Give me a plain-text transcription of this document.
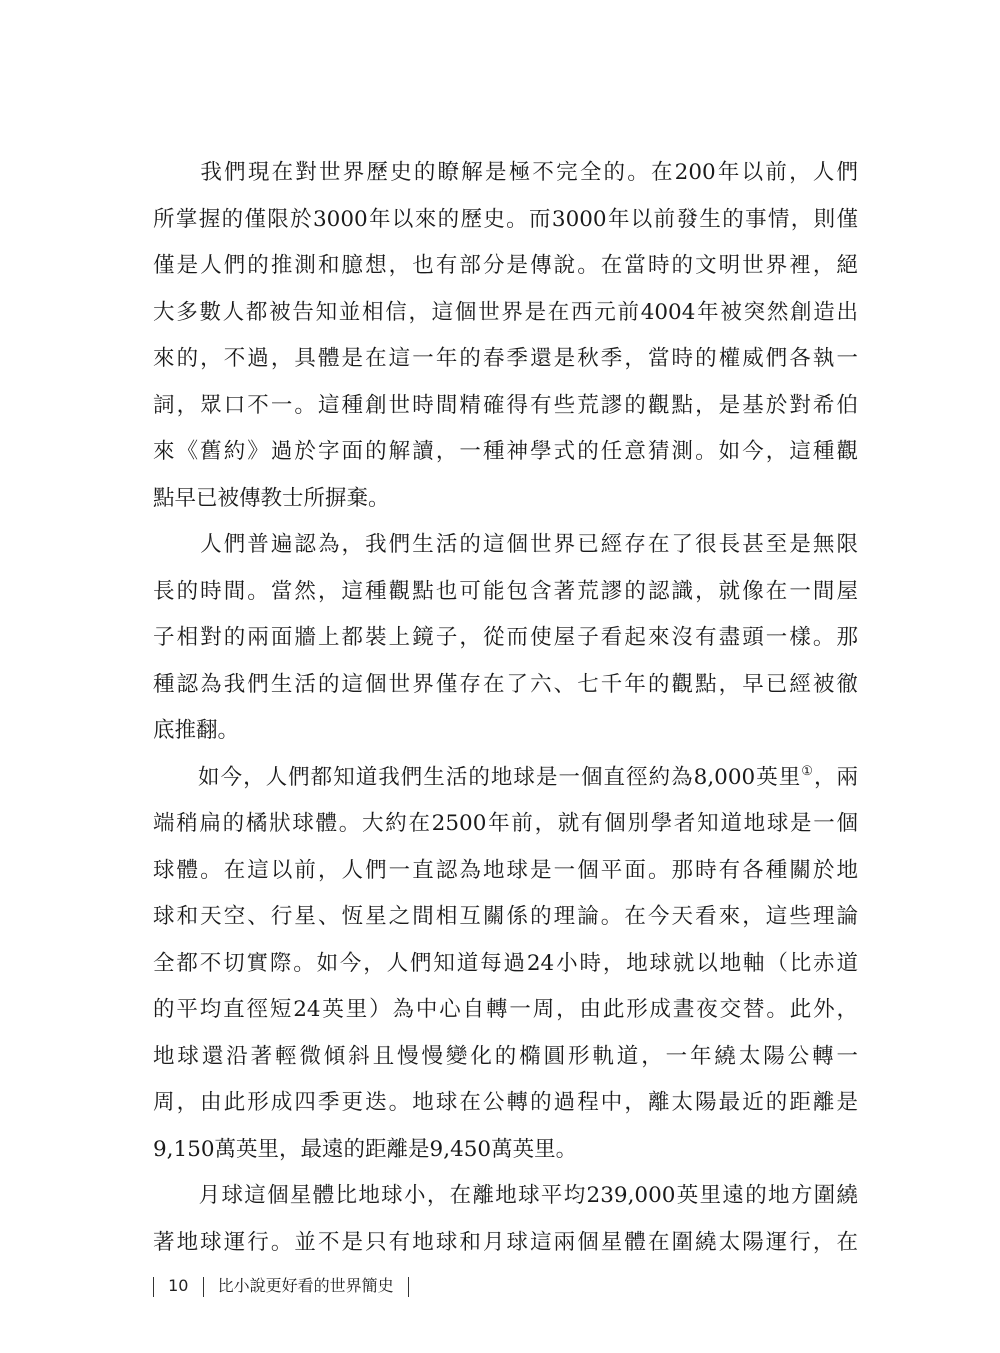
　　我們現在對世界歷史的瞭解是極不完全的。在200年以前，人們
所掌握的僅限於3000年以來的歷史。而3000年以前發生的事情，則僅
僅是人們的推測和臆想，也有部分是傳說。在當時的文明世界裡，絕
大多數人都被告知並相信，這個世界是在西元前4004年被突然創造出
來的，不過，具體是在這一年的春季還是秋季，當時的權威們各執一
詞，眾口不一。這種創世時間精確得有些荒謬的觀點，是基於對希伯
來《舊約》過於字面的解讀，一種神學式的任意猜測。如今，這種觀
點早已被傳教士所摒棄。
　　人們普遍認為，我們生活的這個世界已經存在了很長甚至是無限
長的時間。當然，這種觀點也可能包含著荒謬的認識，就像在一間屋
子相對的兩面牆上都裝上鏡子，從而使屋子看起來沒有盡頭一樣。那
種認為我們生活的這個世界僅存在了六、七千年的觀點，早已經被徹
底推翻。
　　如今，人們都知道我們生活的地球是一個直徑約為8,000英里①，兩
端稍扁的橘狀球體。大約在2500年前，就有個別學者知道地球是一個
球體。在這以前，人們一直認為地球是一個平面。那時有各種關於地
球和天空、行星、恆星之間相互關係的理論。在今天看來，這些理論
全都不切實際。如今，人們知道每過24小時，地球就以地軸（比赤道
的平均直徑短24英里）為中心自轉一周，由此形成晝夜交替。此外，
地球還沿著輕微傾斜且慢慢變化的橢圓形軌道，一年繞太陽公轉一
周，由此形成四季更迭。地球在公轉的過程中，離太陽最近的距離是
9,150萬英里，最遠的距離是9,450萬英里。
　　月球這個星體比地球小，在離地球平均239,000英里遠的地方圍繞
著地球運行。並不是只有地球和月球這兩個星體在圍繞太陽運行，在
10 比小說更好看的世界簡史
